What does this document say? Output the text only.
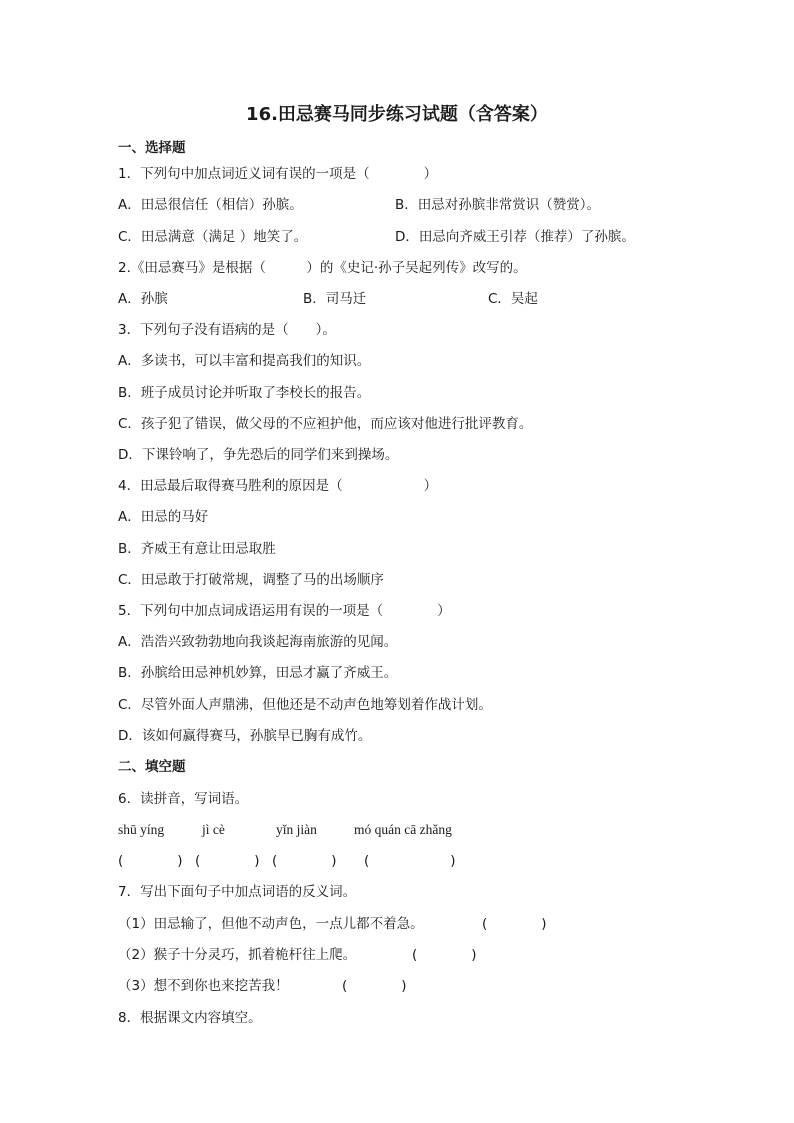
16.田忌赛马同步练习试题（含答案）
一、选择题
1．下列句中加点词近义词有误的一项是（　　　　）
A．田忌很信任（相信）孙膑。	B．田忌对孙膑非常赏识（赞赏）。
C．田忌满意（满足 ）地笑了。	D．田忌向齐威王引荐（推荐）了孙膑。
2.《田忌赛马》是根据（　　　）的《史记·孙子吴起列传》改写的。
A．孙膑	B．司马迁	C．吴起
3．下列句子没有语病的是（　　）。
A．多读书，可以丰富和提高我们的知识。
B．班子成员讨论并听取了李校长的报告。
C．孩子犯了错误，做父母的不应袒护他，而应该对他进行批评教育。
D．下课铃响了，争先恐后的同学们来到操场。
4．田忌最后取得赛马胜利的原因是（　　　　　　）
A．田忌的马好
B．齐威王有意让田忌取胜
C．田忌敢于打破常规，调整了马的出场顺序
5．下列句中加点词成语运用有误的一项是（　　　　）
A．浩浩兴致勃勃地向我谈起海南旅游的见闻。
B．孙膑给田忌神机妙算，田忌才赢了齐威王。
C．尽管外面人声鼎沸，但他还是不动声色地筹划着作战计划。
D．该如何赢得赛马，孙膑早已胸有成竹。
二、填空题
6．读拼音，写词语。
shū yíng	jì cè	yǐn jiàn	mó quán cā zhǎng
(　　　　) (　　　　) (　　　　) (　　　　　　)
7．写出下面句子中加点词语的反义词。
（1）田忌输了，但他不动声色，一点儿都不着急。	(　　　　)
（2）猴子十分灵巧，抓着桅杆往上爬。	(　　　　)
（3）想不到你也来挖苦我！	(　　　　)
8．根据课文内容填空。
